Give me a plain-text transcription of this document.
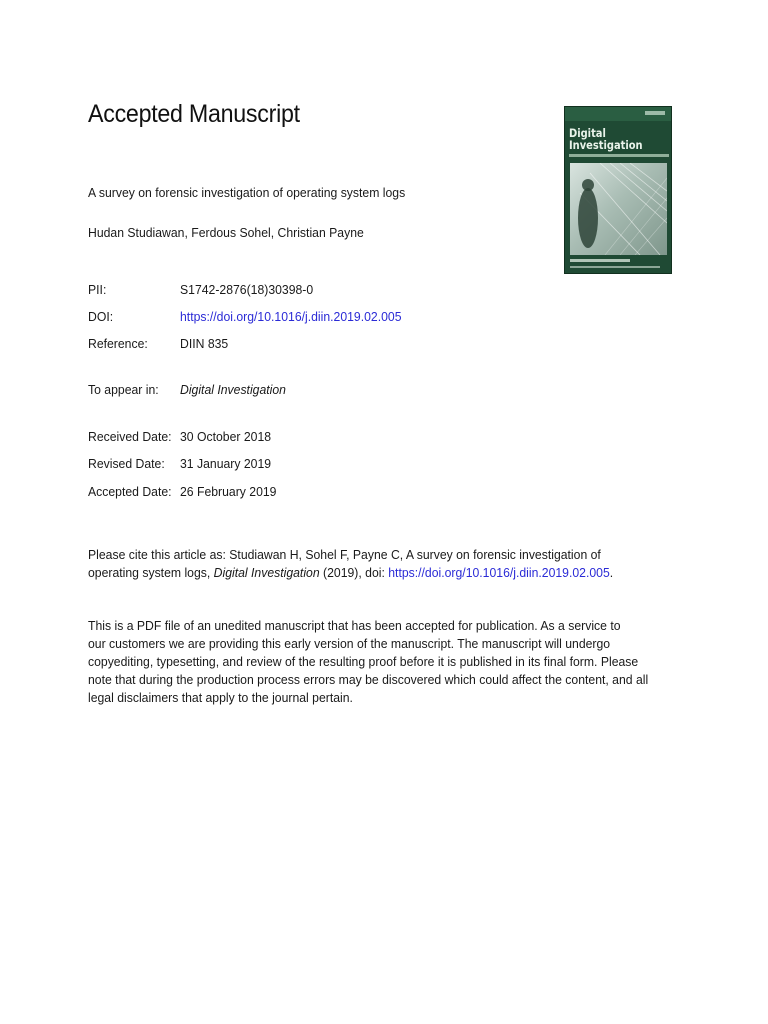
Accepted Manuscript
A survey on forensic investigation of operating system logs
Hudan Studiawan, Ferdous Sohel, Christian Payne
PII:	S1742-2876(18)30398-0
DOI:	https://doi.org/10.1016/j.diin.2019.02.005
Reference: DIIN 835
To appear in: Digital Investigation
Received Date: 30 October 2018
Revised Date: 31 January 2019
Accepted Date: 26 February 2019
Please cite this article as: Studiawan H, Sohel F, Payne C, A survey on forensic investigation of
operating system logs, Digital Investigation (2019), doi: https://doi.org/10.1016/j.diin.2019.02.005.
This is a PDF file of an unedited manuscript that has been accepted for publication. As a service to
our customers we are providing this early version of the manuscript. The manuscript will undergo
copyediting, typesetting, and review of the resulting proof before it is published in its final form. Please
note that during the production process errors may be discovered which could affect the content, and all
legal disclaimers that apply to the journal pertain.
Digital
Investigation
